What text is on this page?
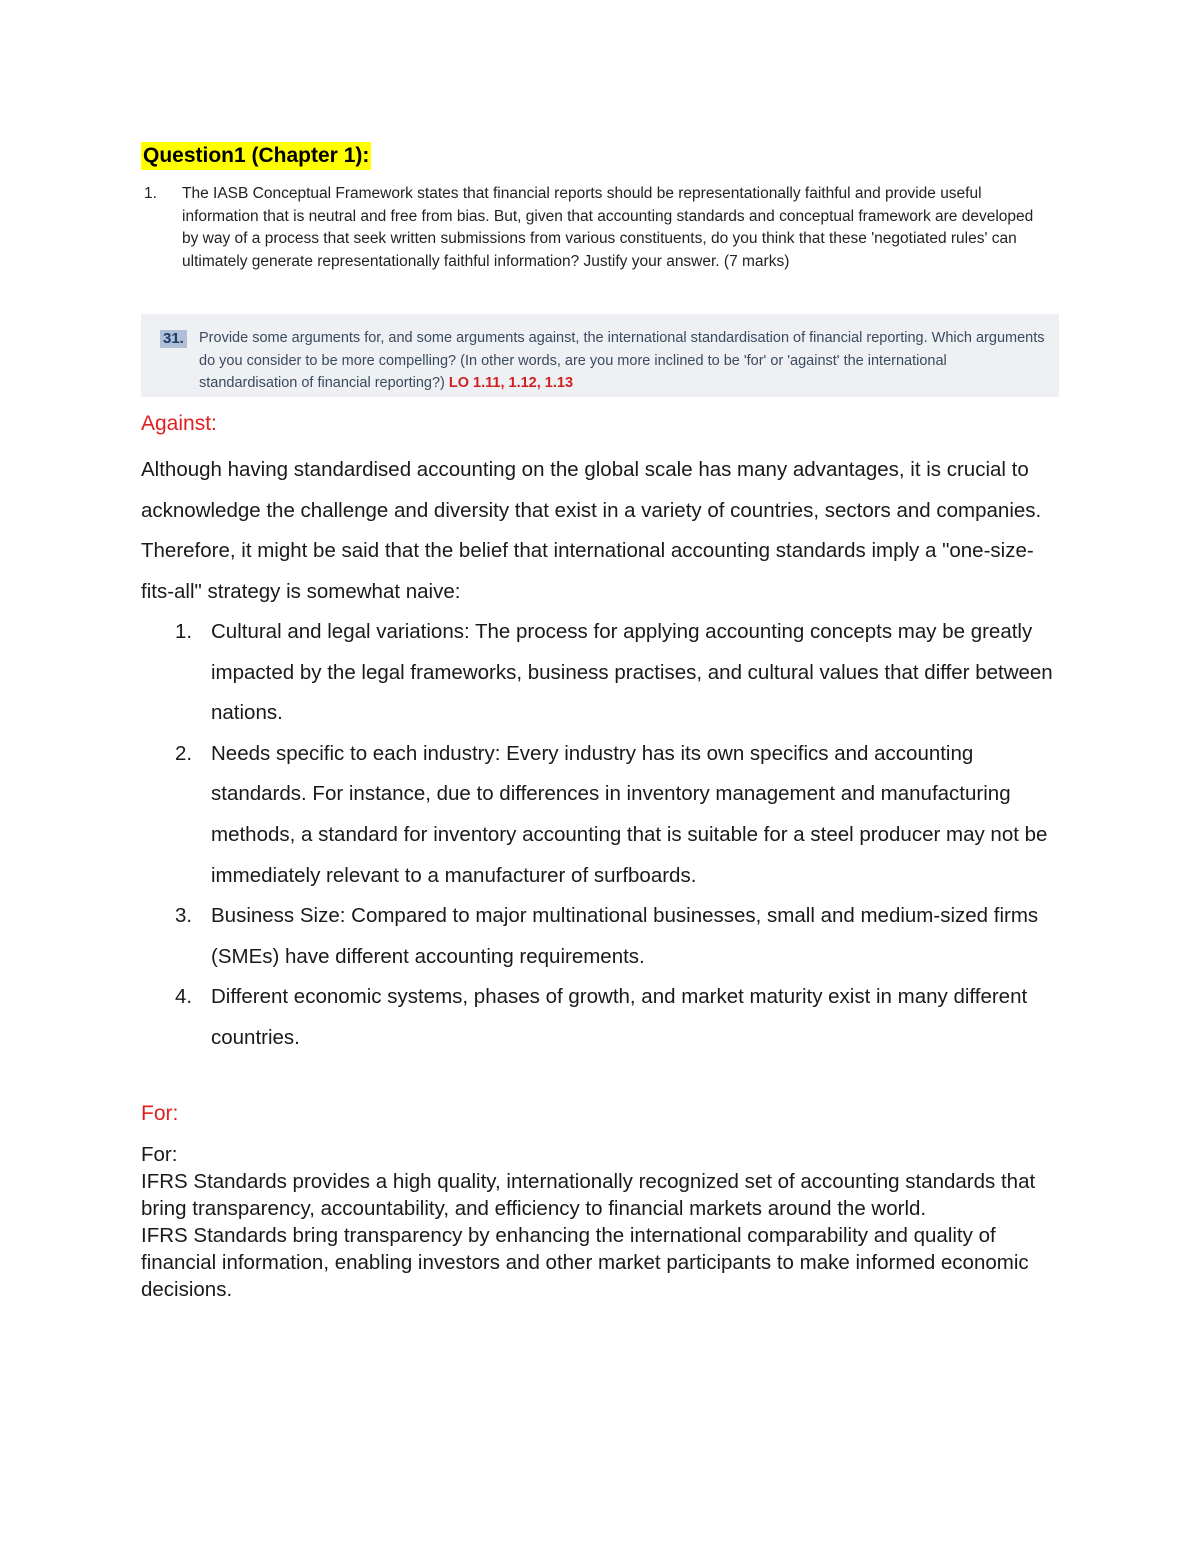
Question1 (Chapter 1):
1. The IASB Conceptual Framework states that financial reports should be representationally faithful and provide useful information that is neutral and free from bias. But, given that accounting standards and conceptual framework are developed by way of a process that seek written submissions from various constituents, do you think that these 'negotiated rules' can ultimately generate representationally faithful information? Justify your answer. (7 marks)
31. Provide some arguments for, and some arguments against, the international standardisation of financial reporting. Which arguments do you consider to be more compelling? (In other words, are you more inclined to be 'for' or 'against' the international standardisation of financial reporting?) LO 1.11, 1.12, 1.13
Against:
Although having standardised accounting on the global scale has many advantages, it is crucial to acknowledge the challenge and diversity that exist in a variety of countries, sectors and companies. Therefore, it might be said that the belief that international accounting standards imply a "one-size-fits-all" strategy is somewhat naive:
1. Cultural and legal variations: The process for applying accounting concepts may be greatly impacted by the legal frameworks, business practises, and cultural values that differ between nations.
2. Needs specific to each industry: Every industry has its own specifics and accounting standards. For instance, due to differences in inventory management and manufacturing methods, a standard for inventory accounting that is suitable for a steel producer may not be immediately relevant to a manufacturer of surfboards.
3. Business Size: Compared to major multinational businesses, small and medium-sized firms (SMEs) have different accounting requirements.
4. Different economic systems, phases of growth, and market maturity exist in many different countries.
For:
For:
IFRS Standards provides a high quality, internationally recognized set of accounting standards that
bring transparency, accountability, and efficiency to financial markets around the world.
IFRS Standards bring transparency by enhancing the international comparability and quality of
financial information, enabling investors and other market participants to make informed economic
decisions.
